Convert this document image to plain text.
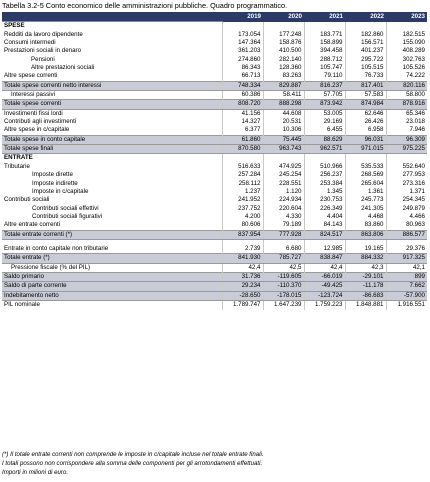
Tabella 3.2-5 Conto economico delle amministrazioni pubbliche. Quadro programmatico.
	2019	2020	2021	2022	2023
SPESE					
Redditi da lavoro dipendente	173.054	177.248	183.771	182.860	182.515
Consumi intermedi	147.364	158.876	158.899	156.571	155.090
Prestazioni sociali in denaro	361.203	410.500	394.458	401.237	408.289
Pensioni	274.860	282.140	288.712	295.722	302.763
Altre prestazioni sociali	86.343	128.360	105.747	105.515	105.526
Altre spese correnti	66.713	83.263	79.110	76.733	74.222
Totale spese correnti netto interessi	748.334	829.887	816.237	817.401	820.116
Interessi passivi	60.386	58.411	57.705	57.583	58.800
Totale spese correnti	808.720	888.298	873.942	874.984	878.916
Investimenti fissi lordi	41.156	44.608	53.005	62.646	65.346
Contributi agli investimenti	14.327	20.531	29.169	26.426	23.018
Altre spese in c/capitale	6.377	10.306	6.455	6.958	7.946
Totale spese in conto capitale	61.860	75.445	88.629	96.031	96.309
Totale spese finali	870.580	963.743	962.571	971.015	975.225
ENTRATE					
Tributarie	516.633	474.925	510.966	535.533	552.640
Imposte dirette	257.284	245.254	256.237	268.569	277.953
Imposte indirette	258.112	228.551	253.384	265.604	273.316
Imposte in c/capitale	1.237	1.120	1.345	1.361	1.371
Contributi sociali	241.952	224.934	230.753	245.773	254.345
Contributi sociali effettivi	237.752	220.604	226.349	241.305	249.879
Contributi sociali figurativi	4.200	4.330	4.404	4.468	4.466
Altre entrate correnti	80.606	79.189	84.143	83.860	80.963
Totale entrate correnti (*)	837.954	777.928	824.517	863.806	886.577

Entrate in conto capitale non tributarie	2.739	6.680	12.985	19.165	29.376
Totale entrate (*)	841.930	785.727	838.847	884.332	917.325
Pressione fiscale (% del PIL)	42,4	42,5	42,4	42,3	42,1
Saldo primario	31.736	-119.605	-66.019	-29.101	899
Saldo di parte corrente	29.234	-110.370	-49.425	-11.178	7.662
Indebitamento netto	-28.650	-178.015	-123.724	-86.683	-57.900
PIL nominale	1.789.747	1.647.239	1.759.223	1.848.881	1.916.551
(*) Il totale entrate correnti non comprende le imposte in c/capitale incluse nel totale entrate finali.
I totali possono non corrispondere alla somma delle componenti per gli arrotondamenti effettuati.
Importi in milioni di euro.
